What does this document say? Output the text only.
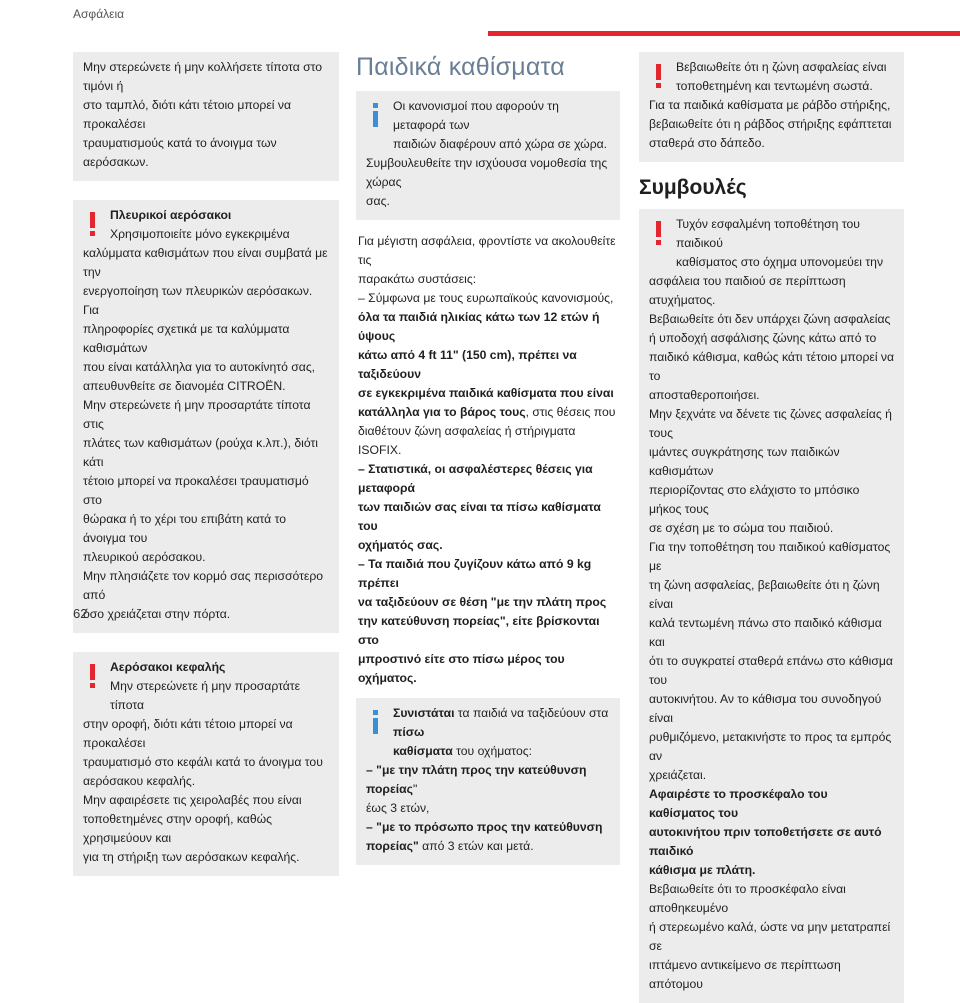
Ασφάλεια

Μην στερεώνετε ή μην κολλήσετε τίποτα στο τιμόνι ή

στο ταμπλό, διότι κάτι τέτοιο μπορεί να προκαλέσει

τραυματισμούς κατά το άνοιγμα των αερόσακων.

Πλευρικοί αερόσακοι

Χρησιμοποιείτε μόνο εγκεκριμένα

καλύμματα καθισμάτων που είναι συμβατά με την

ενεργοποίηση των πλευρικών αερόσακων. Για

πληροφορίες σχετικά με τα καλύμματα καθισμάτων

που είναι κατάλληλα για το αυτοκίνητό σας,

απευθυνθείτε σε διανομέα CITROËN.

Μην στερεώνετε ή μην προσαρτάτε τίποτα στις

πλάτες των καθισμάτων (ρούχα κ.λπ.), διότι κάτι

τέτοιο μπορεί να προκαλέσει τραυματισμό στο

θώρακα ή το χέρι του επιβάτη κατά το άνοιγμα του

πλευρικού αερόσακου.

Μην πλησιάζετε τον κορμό σας περισσότερο από

όσο χρειάζεται στην πόρτα.

Αερόσακοι κεφαλής

Μην στερεώνετε ή μην προσαρτάτε τίποτα

στην οροφή, διότι κάτι τέτοιο μπορεί να προκαλέσει

τραυματισμό στο κεφάλι κατά το άνοιγμα του

αερόσακου κεφαλής.

Μην αφαιρέσετε τις χειρολαβές που είναι

τοποθετημένες στην οροφή, καθώς χρησιμεύουν και

για τη στήριξη των αερόσακων κεφαλής.

Παιδικά καθίσματα

Οι κανονισμοί που αφορούν τη μεταφορά των

παιδιών διαφέρουν από χώρα σε χώρα.

Συμβουλευθείτε την ισχύουσα νομοθεσία της χώρας

σας.

Για μέγιστη ασφάλεια, φροντίστε να ακολουθείτε τις

παρακάτω συστάσεις:

– Σύμφωνα με τους ευρωπαϊκούς κανονισμούς,

όλα τα παιδιά ηλικίας κάτω των 12 ετών ή ύψους

κάτω από 4 ft 11" (150 cm), πρέπει να ταξιδεύουν

σε εγκεκριμένα παιδικά καθίσματα που είναι

κατάλληλα για το βάρος τους, στις θέσεις που

διαθέτουν ζώνη ασφαλείας ή στήριγματα ISOFIX.

– Στατιστικά, οι ασφαλέστερες θέσεις για μεταφορά

των παιδιών σας είναι τα πίσω καθίσματα του

οχήματός σας.

– Τα παιδιά που ζυγίζουν κάτω από 9 kg πρέπει

να ταξιδεύουν σε θέση "με την πλάτη προς

την κατεύθυνση πορείας", είτε βρίσκονται στο

μπροστινό είτε στο πίσω μέρος του οχήματος.

Συνιστάται τα παιδιά να ταξιδεύουν στα πίσω

καθίσματα του οχήματος:

– "με την πλάτη προς την κατεύθυνση πορείας"

έως 3 ετών,

– "με το πρόσωπο προς την κατεύθυνση

πορείας" από 3 ετών και μετά.

Βεβαιωθείτε ότι η ζώνη ασφαλείας είναι

τοποθετημένη και τεντωμένη σωστά.

Για τα παιδικά καθίσματα με ράβδο στήριξης,

βεβαιωθείτε ότι η ράβδος στήριξης εφάπτεται

σταθερά στο δάπεδο.

Συμβουλές

Τυχόν εσφαλμένη τοποθέτηση του παιδικού

καθίσματος στο όχημα υπονομεύει την

ασφάλεια του παιδιού σε περίπτωση ατυχήματος.

Βεβαιωθείτε ότι δεν υπάρχει ζώνη ασφαλείας

ή υποδοχή ασφάλισης ζώνης κάτω από το

παιδικό κάθισμα, καθώς κάτι τέτοιο μπορεί να το

αποσταθεροποιήσει.

Μην ξεχνάτε να δένετε τις ζώνες ασφαλείας ή τους

ιμάντες συγκράτησης των παιδικών καθισμάτων

περιορίζοντας στο ελάχιστο το μπόσικο μήκος τους

σε σχέση με το σώμα του παιδιού.

Για την τοποθέτηση του παιδικού καθίσματος με

τη ζώνη ασφαλείας, βεβαιωθείτε ότι η ζώνη είναι

καλά τεντωμένη πάνω στο παιδικό κάθισμα και

ότι το συγκρατεί σταθερά επάνω στο κάθισμα του

αυτοκινήτου. Αν το κάθισμα του συνοδηγού είναι

ρυθμιζόμενο, μετακινήστε το προς τα εμπρός αν

χρειάζεται.

Αφαιρέστε το προσκέφαλο του καθίσματος του

αυτοκινήτου πριν τοποθετήσετε σε αυτό παιδικό

κάθισμα με πλάτη.

Βεβαιωθείτε ότι το προσκέφαλο είναι αποθηκευμένο

ή στερεωμένο καλά, ώστε να μην μετατραπεί σε

ιπτάμενο αντικείμενο σε περίπτωση απότομου

62
